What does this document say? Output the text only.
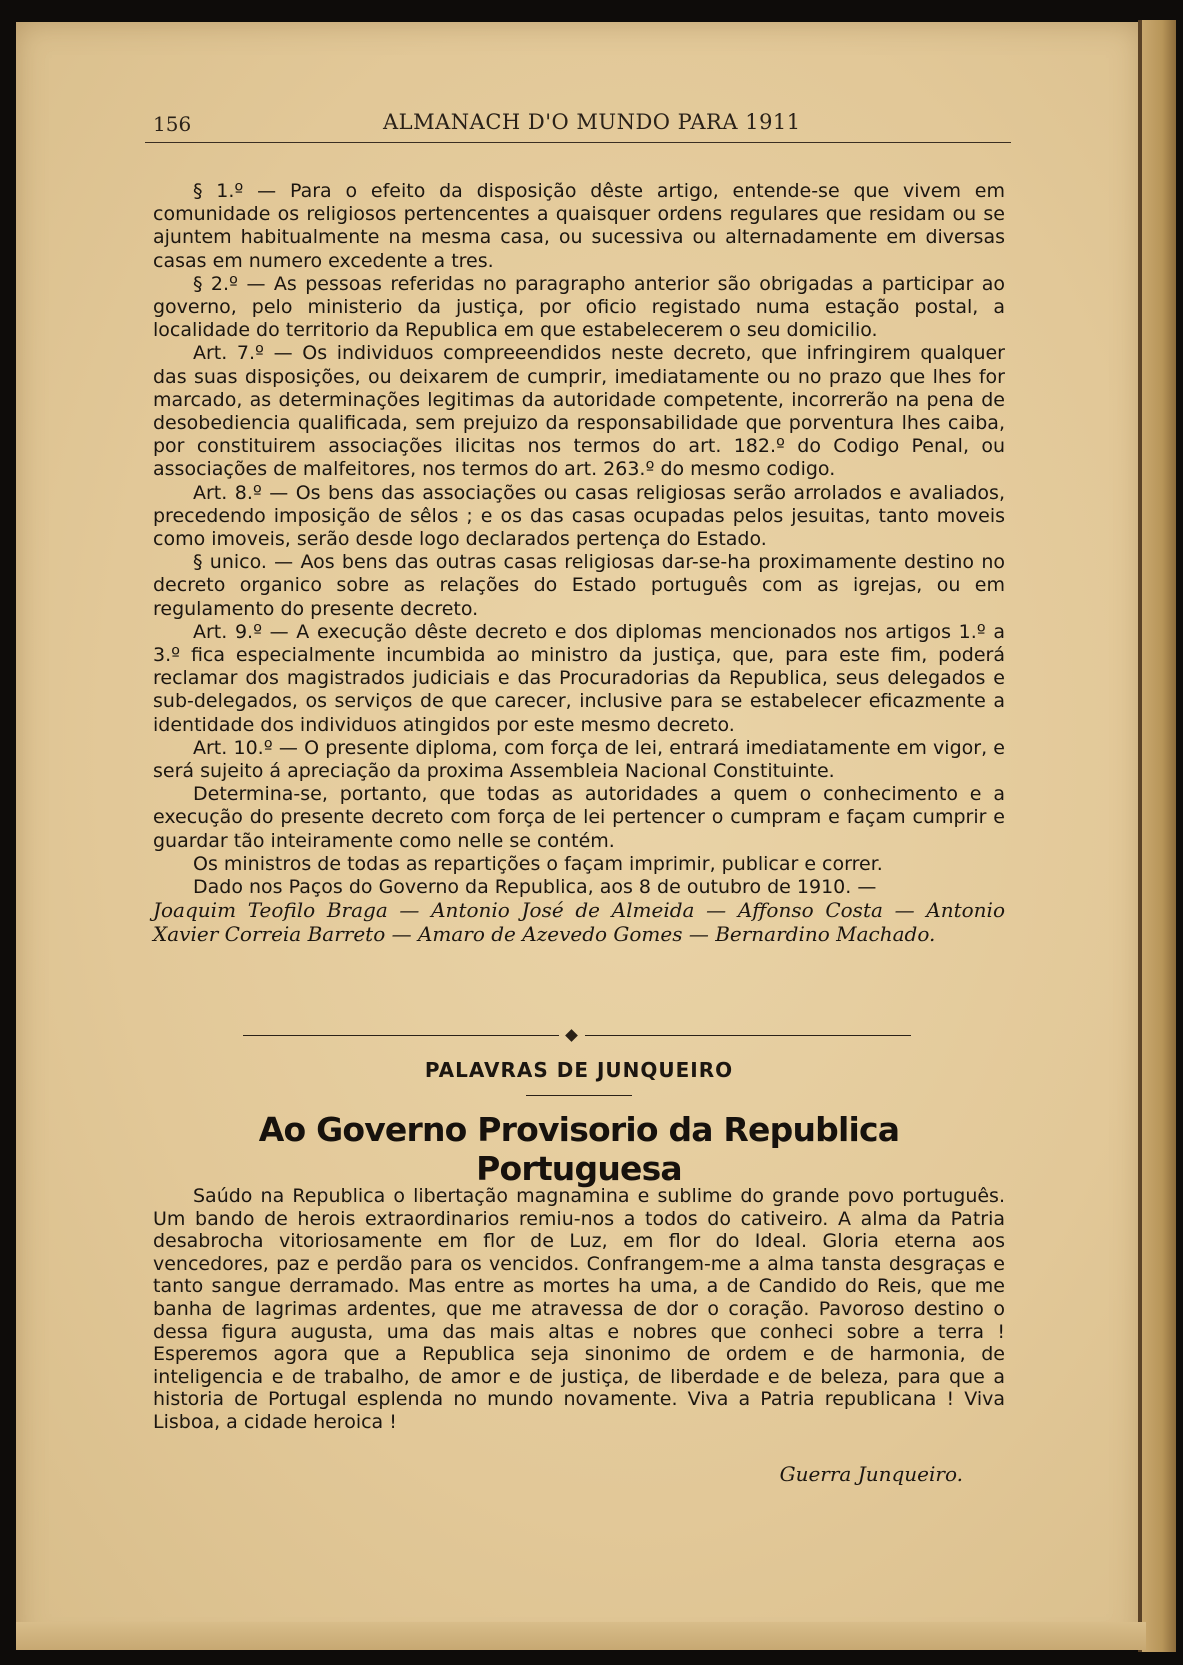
156	ALMANACH D'O MUNDO PARA 1911

§ 1.º — Para o efeito da disposição dêste artigo, entende-se que vivem em comunidade os religiosos pertencentes a quaisquer ordens regulares que residam ou se ajuntem habitualmente na mesma casa, ou sucessiva ou alternadamente em diversas casas em numero excedente a tres.

§ 2.º — As pessoas referidas no paragrapho anterior são obrigadas a participar ao governo, pelo ministerio da justiça, por oficio registado numa estação postal, a localidade do territorio da Republica em que estabelecerem o seu domicilio.

Art. 7.º — Os individuos compreeendidos neste decreto, que infringirem qualquer das suas disposições, ou deixarem de cumprir, imediatamente ou no prazo que lhes for marcado, as determinações legitimas da autoridade competente, incorrerão na pena de desobediencia qualificada, sem prejuizo da responsabilidade que porventura lhes caiba, por constituirem associações ilicitas nos termos do art. 182.º do Codigo Penal, ou associações de malfeitores, nos termos do art. 263.º do mesmo codigo.

Art. 8.º — Os bens das associações ou casas religiosas serão arrolados e avaliados, precedendo imposição de sêlos ; e os das casas ocupadas pelos jesuitas, tanto moveis como imoveis, serão desde logo declarados pertença do Estado.

§ unico. — Aos bens das outras casas religiosas dar-se-ha proximamente destino no decreto organico sobre as relações do Estado português com as igrejas, ou em regulamento do presente decreto.

Art. 9.º — A execução dêste decreto e dos diplomas mencionados nos artigos 1.º a 3.º fica especialmente incumbida ao ministro da justiça, que, para este fim, poderá reclamar dos magistrados judiciais e das Procuradorias da Republica, seus delegados e sub-delegados, os serviços de que carecer, inclusive para se estabelecer eficazmente a identidade dos individuos atingidos por este mesmo decreto.

Art. 10.º — O presente diploma, com força de lei, entrará imediatamente em vigor, e será sujeito á apreciação da proxima Assembleia Nacional Constituinte.

Determina-se, portanto, que todas as autoridades a quem o conhecimento e a execução do presente decreto com força de lei pertencer o cumpram e façam cumprir e guardar tão inteiramente como nelle se contém.

Os ministros de todas as repartições o façam imprimir, publicar e correr.

Dado nos Paços do Governo da Republica, aos 8 de outubro de 1910. —

Joaquim Teofilo Braga — Antonio José de Almeida — Affonso Costa — Antonio Xavier Correia Barreto — Amaro de Azevedo Gomes — Bernardino Machado.

PALAVRAS DE JUNQUEIRO
Ao Governo Provisorio da Republica Portuguesa

Saúdo na Republica o libertação magnamina e sublime do grande povo português. Um bando de herois extraordinarios remiu-nos a todos do cativeiro. A alma da Patria desabrocha vitoriosamente em flor de Luz, em flor do Ideal. Gloria eterna aos vencedores, paz e perdão para os vencidos. Confrangem-me a alma tansta desgraças e tanto sangue derramado. Mas entre as mortes ha uma, a de Candido do Reis, que me banha de lagrimas ardentes, que me atravessa de dor o coração. Pavoroso destino o dessa figura augusta, uma das mais altas e nobres que conheci sobre a terra ! Esperemos agora que a Republica seja sinonimo de ordem e de harmonia, de inteligencia e de trabalho, de amor e de justiça, de liberdade e de beleza, para que a historia de Portugal esplenda no mundo novamente. Viva a Patria republicana ! Viva Lisboa, a cidade heroica !

Guerra Junqueiro.
